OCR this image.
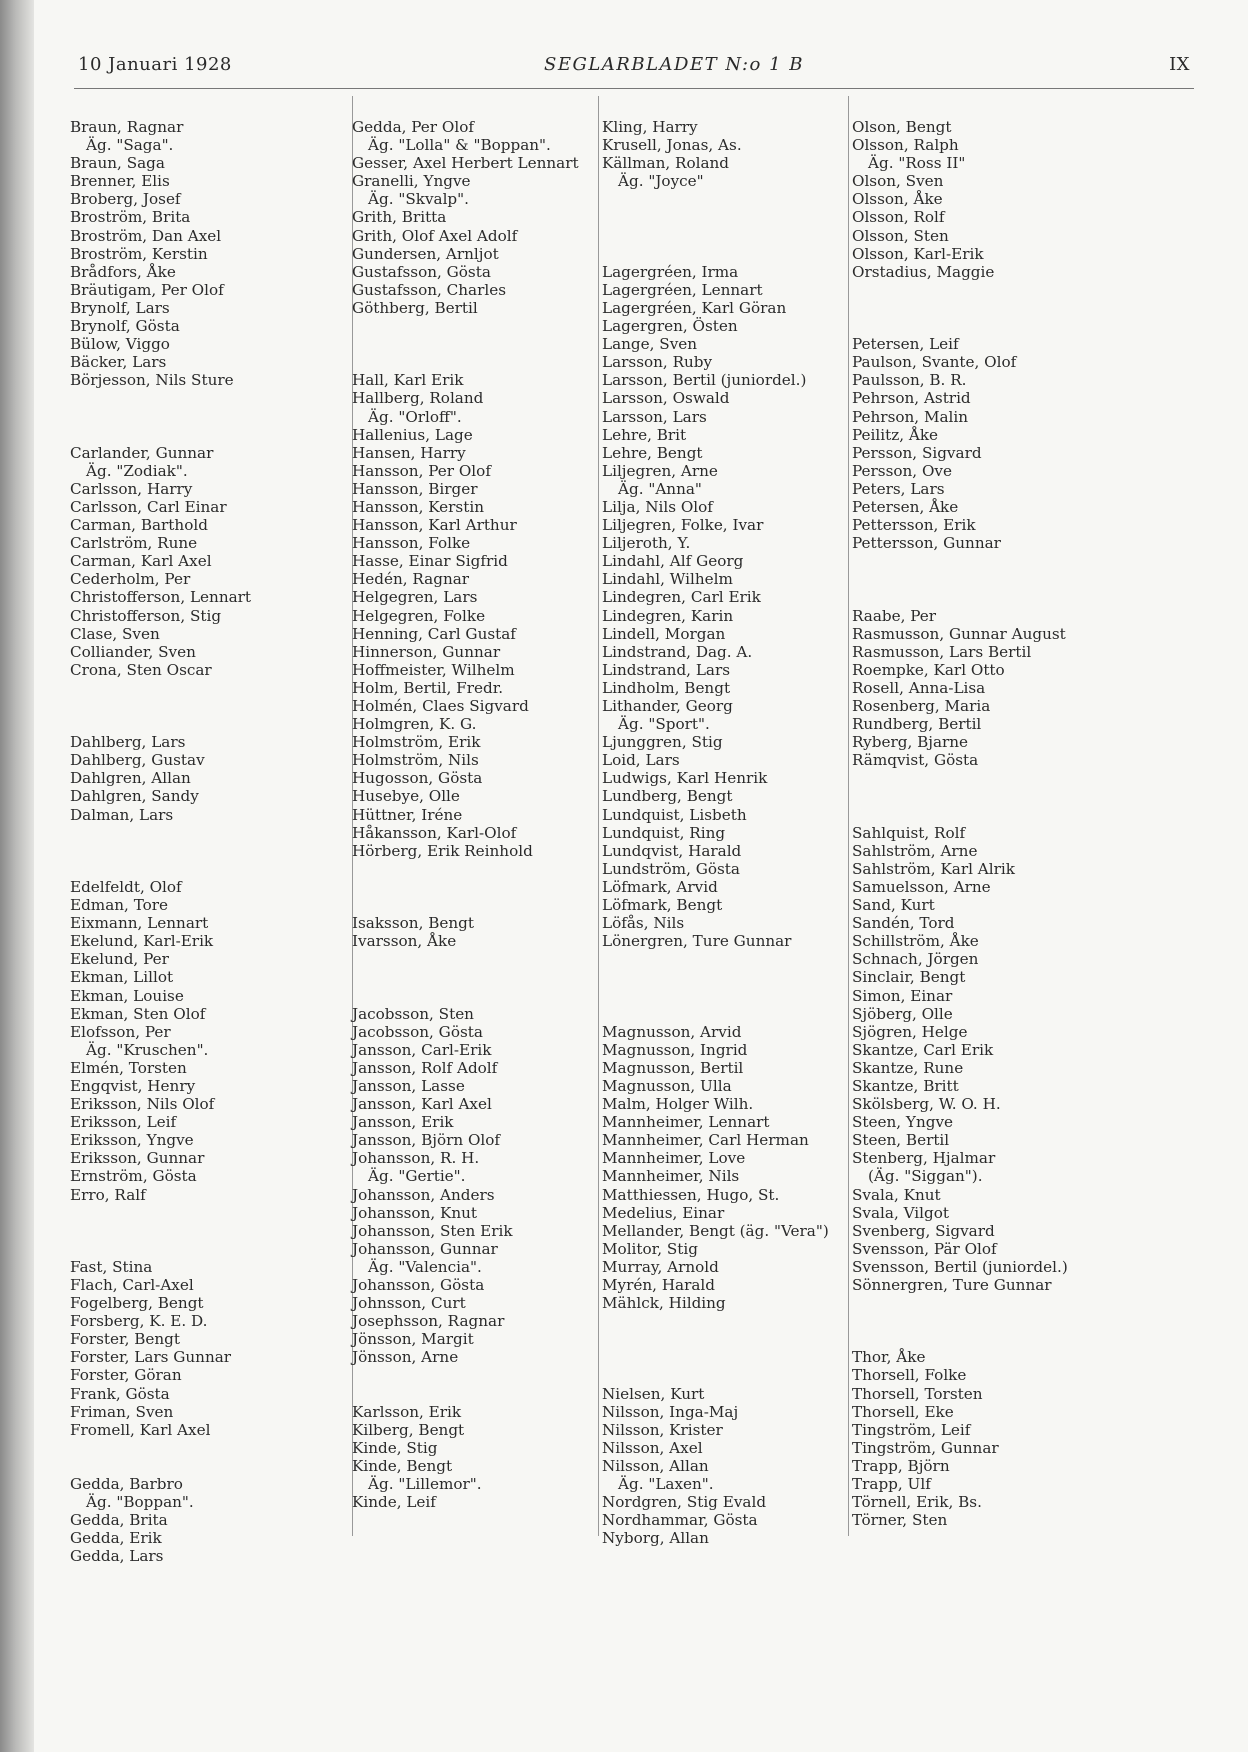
10 Januari 1928	SEGLARBLADET N:o 1 B	IX
Braun, Ragnar
Äg. "Saga".
Braun, Saga
Brenner, Elis
Broberg, Josef
Broström, Brita
Broström, Dan Axel
Broström, Kerstin
Brådfors, Åke
Bräutigam, Per Olof
Brynolf, Lars
Brynolf, Gösta
Bülow, Viggo
Bäcker, Lars
Börjesson, Nils Sture
Carlander, Gunnar
Äg. "Zodiak".
Carlsson, Harry
Carlsson, Carl Einar
Carman, Barthold
Carlström, Rune
Carman, Karl Axel
Cederholm, Per
Christofferson, Lennart
Christofferson, Stig
Clase, Sven
Colliander, Sven
Crona, Sten Oscar
Dahlberg, Lars
Dahlberg, Gustav
Dahlgren, Allan
Dahlgren, Sandy
Dalman, Lars
Edelfeldt, Olof
Edman, Tore
Eixmann, Lennart
Ekelund, Karl-Erik
Ekelund, Per
Ekman, Lillot
Ekman, Louise
Ekman, Sten Olof
Elofsson, Per
Äg. "Kruschen".
Elmén, Torsten
Engqvist, Henry
Eriksson, Nils Olof
Eriksson, Leif
Eriksson, Yngve
Eriksson, Gunnar
Ernström, Gösta
Erro, Ralf
Fast, Stina
Flach, Carl-Axel
Fogelberg, Bengt
Forsberg, K. E. D.
Forster, Bengt
Forster, Lars Gunnar
Forster, Göran
Frank, Gösta
Friman, Sven
Fromell, Karl Axel
Gedda, Barbro
Äg. "Boppan".
Gedda, Brita
Gedda, Erik
Gedda, Lars
Gedda, Per Olof
Äg. "Lolla" & "Boppan".
Gesser, Axel Herbert Lennart
Granelli, Yngve
Äg. "Skvalp".
Grith, Britta
Grith, Olof Axel Adolf
Gundersen, Arnljot
Gustafsson, Gösta
Gustafsson, Charles
Göthberg, Bertil
Hall, Karl Erik
Hallberg, Roland
Äg. "Orloff".
Hallenius, Lage
Hansen, Harry
Hansson, Per Olof
Hansson, Birger
Hansson, Kerstin
Hansson, Karl Arthur
Hansson, Folke
Hasse, Einar Sigfrid
Hedén, Ragnar
Helgegren, Lars
Helgegren, Folke
Henning, Carl Gustaf
Hinnerson, Gunnar
Hoffmeister, Wilhelm
Holm, Bertil, Fredr.
Holmén, Claes Sigvard
Holmgren, K. G.
Holmström, Erik
Holmström, Nils
Hugosson, Gösta
Husebye, Olle
Hüttner, Iréne
Håkansson, Karl-Olof
Hörberg, Erik Reinhold
Isaksson, Bengt
Ivarsson, Åke
Jacobsson, Sten
Jacobsson, Gösta
Jansson, Carl-Erik
Jansson, Rolf Adolf
Jansson, Lasse
Jansson, Karl Axel
Jansson, Erik
Jansson, Björn Olof
Johansson, R. H.
Äg. "Gertie".
Johansson, Anders
Johansson, Knut
Johansson, Sten Erik
Johansson, Gunnar
Äg. "Valencia".
Johansson, Gösta
Johnsson, Curt
Josephsson, Ragnar
Jönsson, Margit
Jönsson, Arne
Karlsson, Erik
Kilberg, Bengt
Kinde, Stig
Kinde, Bengt
Äg. "Lillemor".
Kinde, Leif
Kling, Harry
Krusell, Jonas, As.
Källman, Roland
Äg. "Joyce"
Lagergréen, Irma
Lagergréen, Lennart
Lagergréen, Karl Göran
Lagergren, Östen
Lange, Sven
Larsson, Ruby
Larsson, Bertil (juniordel.)
Larsson, Oswald
Larsson, Lars
Lehre, Brit
Lehre, Bengt
Liljegren, Arne
Äg. "Anna"
Lilja, Nils Olof
Liljegren, Folke, Ivar
Liljeroth, Y.
Lindahl, Alf Georg
Lindahl, Wilhelm
Lindegren, Carl Erik
Lindegren, Karin
Lindell, Morgan
Lindstrand, Dag. A.
Lindstrand, Lars
Lindholm, Bengt
Lithander, Georg
Äg. "Sport".
Ljunggren, Stig
Loid, Lars
Ludwigs, Karl Henrik
Lundberg, Bengt
Lundquist, Lisbeth
Lundquist, Ring
Lundqvist, Harald
Lundström, Gösta
Löfmark, Arvid
Löfmark, Bengt
Löfås, Nils
Lönergren, Ture Gunnar
Magnusson, Arvid
Magnusson, Ingrid
Magnusson, Bertil
Magnusson, Ulla
Malm, Holger Wilh.
Mannheimer, Lennart
Mannheimer, Carl Herman
Mannheimer, Love
Mannheimer, Nils
Matthiessen, Hugo, St.
Medelius, Einar
Mellander, Bengt (äg. "Vera")
Molitor, Stig
Murray, Arnold
Myrén, Harald
Mählck, Hilding
Nielsen, Kurt
Nilsson, Inga-Maj
Nilsson, Krister
Nilsson, Axel
Nilsson, Allan
Äg. "Laxen".
Nordgren, Stig Evald
Nordhammar, Gösta
Nyborg, Allan
Olson, Bengt
Olsson, Ralph
Äg. "Ross II"
Olson, Sven
Olsson, Åke
Olsson, Rolf
Olsson, Sten
Olsson, Karl-Erik
Orstadius, Maggie
Petersen, Leif
Paulson, Svante, Olof
Paulsson, B. R.
Pehrson, Astrid
Pehrson, Malin
Peilitz, Åke
Persson, Sigvard
Persson, Ove
Peters, Lars
Petersen, Åke
Pettersson, Erik
Pettersson, Gunnar
Raabe, Per
Rasmusson, Gunnar August
Rasmusson, Lars Bertil
Roempke, Karl Otto
Rosell, Anna-Lisa
Rosenberg, Maria
Rundberg, Bertil
Ryberg, Bjarne
Rämqvist, Gösta
Sahlquist, Rolf
Sahlström, Arne
Sahlström, Karl Alrik
Samuelsson, Arne
Sand, Kurt
Sandén, Tord
Schillström, Åke
Schnach, Jörgen
Sinclair, Bengt
Simon, Einar
Sjöberg, Olle
Sjögren, Helge
Skantze, Carl Erik
Skantze, Rune
Skantze, Britt
Skölsberg, W. O. H.
Steen, Yngve
Steen, Bertil
Stenberg, Hjalmar
(Äg. "Siggan").
Svala, Knut
Svala, Vilgot
Svenberg, Sigvard
Svensson, Pär Olof
Svensson, Bertil (juniordel.)
Sönnergren, Ture Gunnar
Thor, Åke
Thorsell, Folke
Thorsell, Torsten
Thorsell, Eke
Tingström, Leif
Tingström, Gunnar
Trapp, Björn
Trapp, Ulf
Törnell, Erik, Bs.
Törner, Sten
